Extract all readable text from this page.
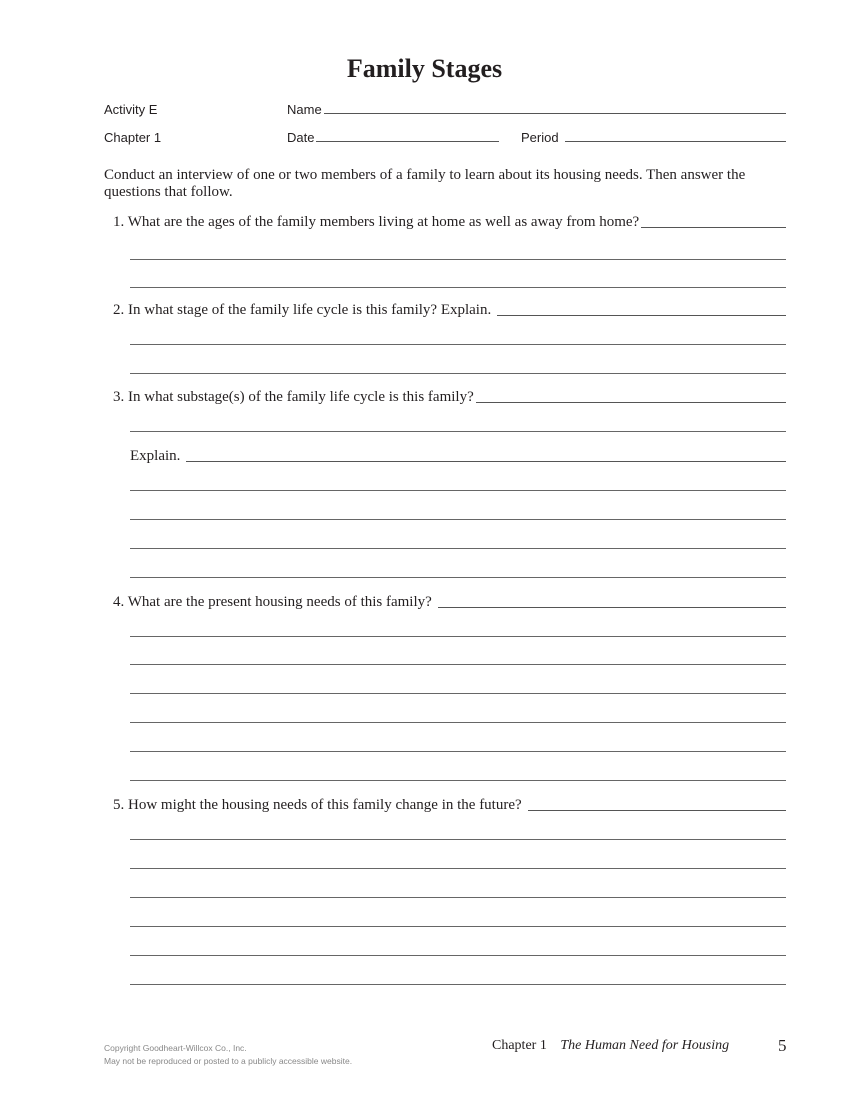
Family Stages
Activity E
Chapter 1
Name
Date	Period
Conduct an interview of one or two members of a family to learn about its housing needs. Then answer the questions that follow.
1. What are the ages of the family members living at home as well as away from home?
2. In what stage of the family life cycle is this family? Explain.
3. In what substage(s) of the family life cycle is this family?
Explain.
4. What are the present housing needs of this family?
5. How might the housing needs of this family change in the future?
Copyright Goodheart-Willcox Co., Inc.
May not be reproduced or posted to a publicly accessible website.
Chapter 1 The Human Need for Housing	5
